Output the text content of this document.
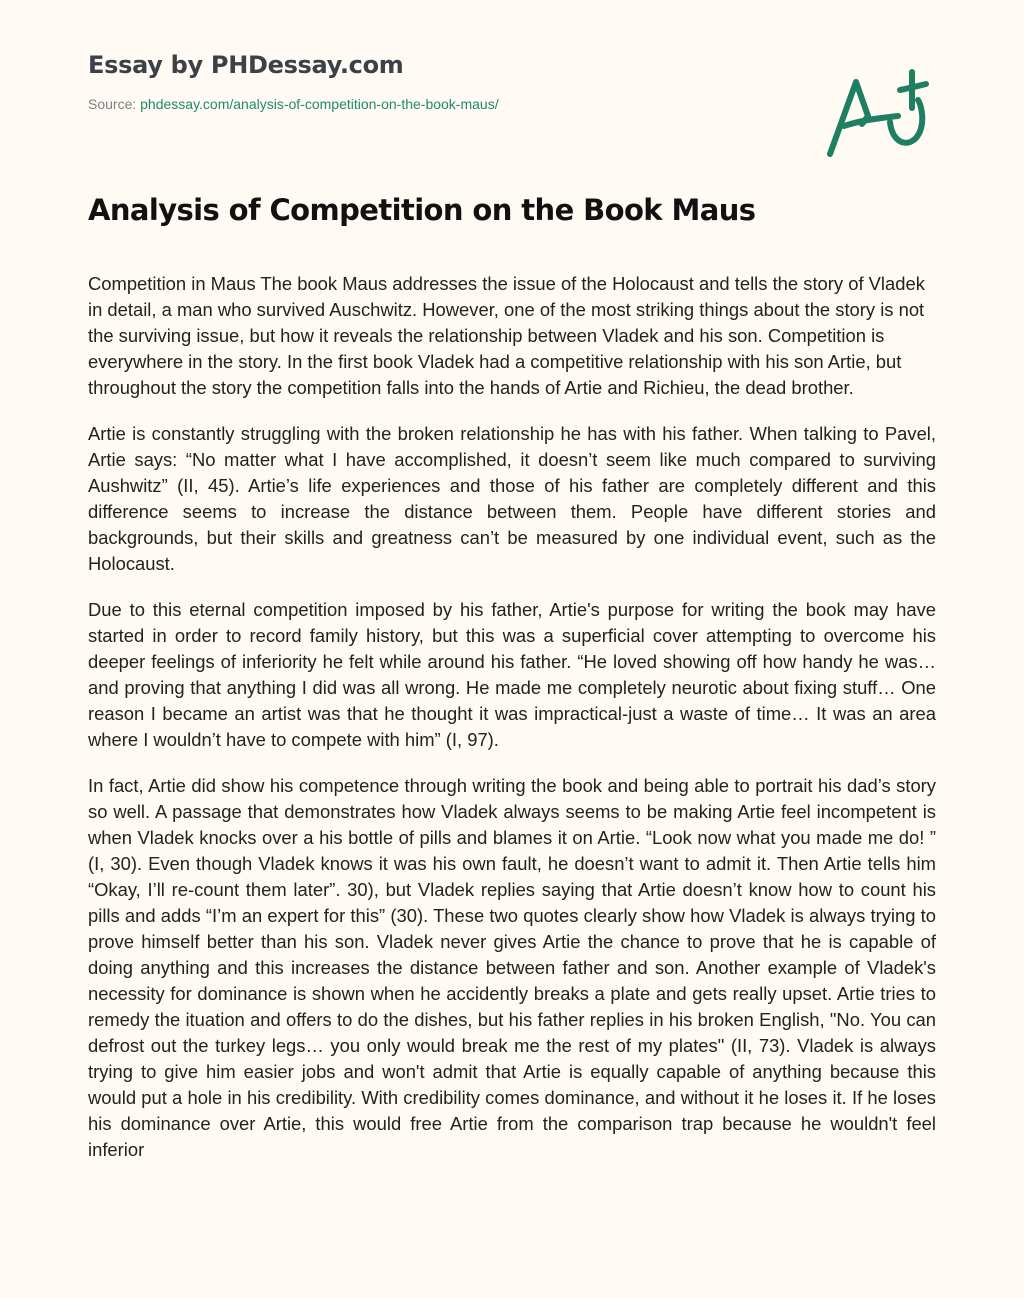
Essay by PHDessay.com
Source: phdessay.com/analysis-of-competition-on-the-book-maus/
Analysis of Competition on the Book Maus

Competition in Maus The book Maus addresses the issue of the Holocaust and tells the story of Vladek in detail, a man who survived Auschwitz. However, one of the most striking things about the story is not the surviving issue, but how it reveals the relationship between Vladek and his son. Competition is everywhere in the story. In the first book Vladek had a competitive relationship with his son Artie, but throughout the story the competition falls into the hands of Artie and Richieu, the dead brother.

Artie is constantly struggling with the broken relationship he has with his father. When talking to Pavel, Artie says: “No matter what I have accomplished, it doesn’t seem like much compared to surviving Aushwitz” (II, 45). Artie’s life experiences and those of his father are completely different and this difference seems to increase the distance between them. People have different stories and backgrounds, but their skills and greatness can’t be measured by one individual event, such as the Holocaust.

Due to this eternal competition imposed by his father, Artie's purpose for writing the book may have started in order to record family history, but this was a superficial cover attempting to overcome his deeper feelings of inferiority he felt while around his father. “He loved showing off how handy he was… and proving that anything I did was all wrong. He made me completely neurotic about fixing stuff… One reason I became an artist was that he thought it was impractical-just a waste of time… It was an area where I wouldn’t have to compete with him” (I, 97).

In fact, Artie did show his competence through writing the book and being able to portrait his dad’s story so well. A passage that demonstrates how Vladek always seems to be making Artie feel incompetent is when Vladek knocks over a his bottle of pills and blames it on Artie. “Look now what you made me do! ” (I, 30). Even though Vladek knows it was his own fault, he doesn’t want to admit it. Then Artie tells him “Okay, I’ll re-count them later”. 30), but Vladek replies saying that Artie doesn’t know how to count his pills and adds “I’m an expert for this” (30). These two quotes clearly show how Vladek is always trying to prove himself better than his son. Vladek never gives Artie the chance to prove that he is capable of doing anything and this increases the distance between father and son. Another example of Vladek's necessity for dominance is shown when he accidently breaks a plate and gets really upset. Artie tries to remedy the ituation and offers to do the dishes, but his father replies in his broken English, "No. You can defrost out the turkey legs… you only would break me the rest of my plates" (II, 73). Vladek is always trying to give him easier jobs and won't admit that Artie is equally capable of anything because this would put a hole in his credibility. With credibility comes dominance, and without it he loses it. If he loses his dominance over Artie, this would free Artie from the comparison trap because he wouldn't feel inferior
